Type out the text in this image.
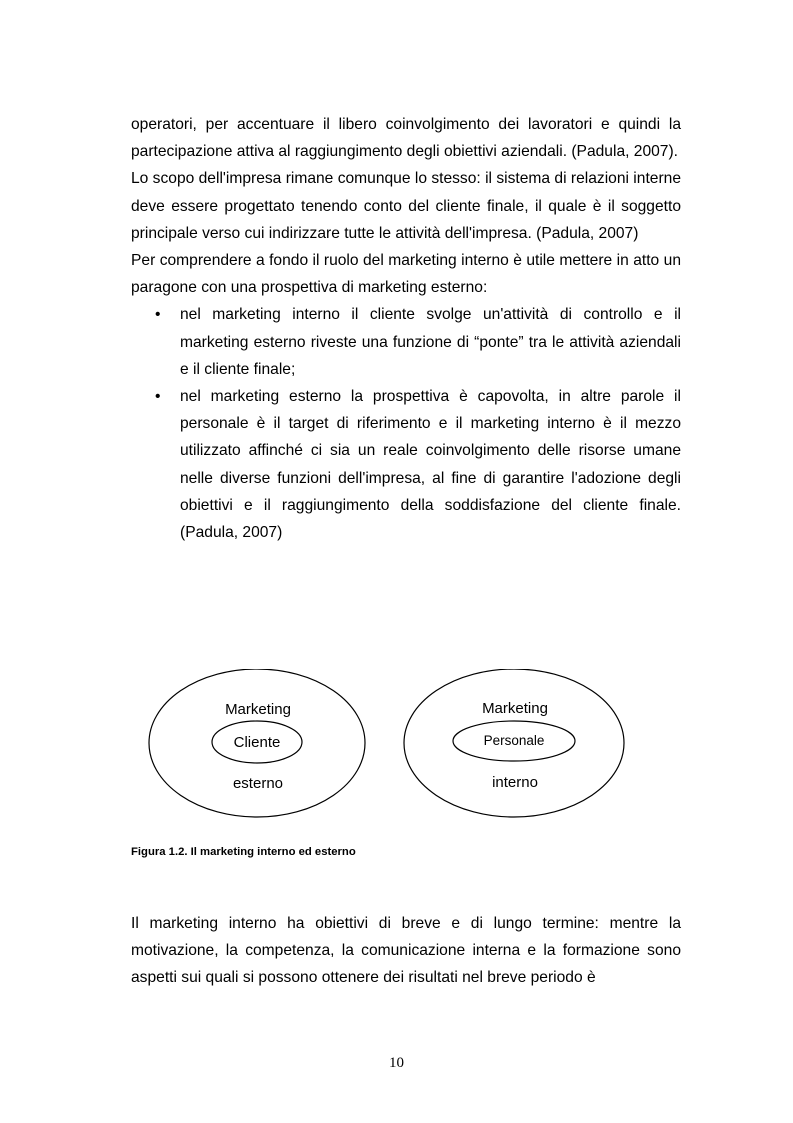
operatori, per accentuare il libero coinvolgimento dei lavoratori e quindi la partecipazione attiva al raggiungimento degli obiettivi aziendali. (Padula, 2007).

Lo scopo dell'impresa rimane comunque lo stesso: il sistema di relazioni interne deve essere progettato tenendo conto del cliente finale, il quale è il soggetto principale verso cui indirizzare tutte le attività dell'impresa. (Padula, 2007)

Per comprendere a fondo il ruolo del marketing interno è utile mettere in atto un paragone con una prospettiva di marketing esterno:

• nel marketing interno il cliente svolge un'attività di controllo e il marketing esterno riveste una funzione di “ponte” tra le attività aziendali e il cliente finale;
• nel marketing esterno la prospettiva è capovolta, in altre parole il personale è il target di riferimento e il marketing interno è il mezzo utilizzato affinché ci sia un reale coinvolgimento delle risorse umane nelle diverse funzioni dell'impresa, al fine di garantire l'adozione degli obiettivi e il raggiungimento della soddisfazione del cliente finale. (Padula, 2007)
Marketing
Cliente
esterno
Marketing
Personale
interno
Figura 1.2. Il marketing interno ed esterno

Il marketing interno ha obiettivi di breve e di lungo termine: mentre la motivazione, la competenza, la comunicazione interna e la formazione sono aspetti sui quali si possono ottenere dei risultati nel breve periodo è

10
